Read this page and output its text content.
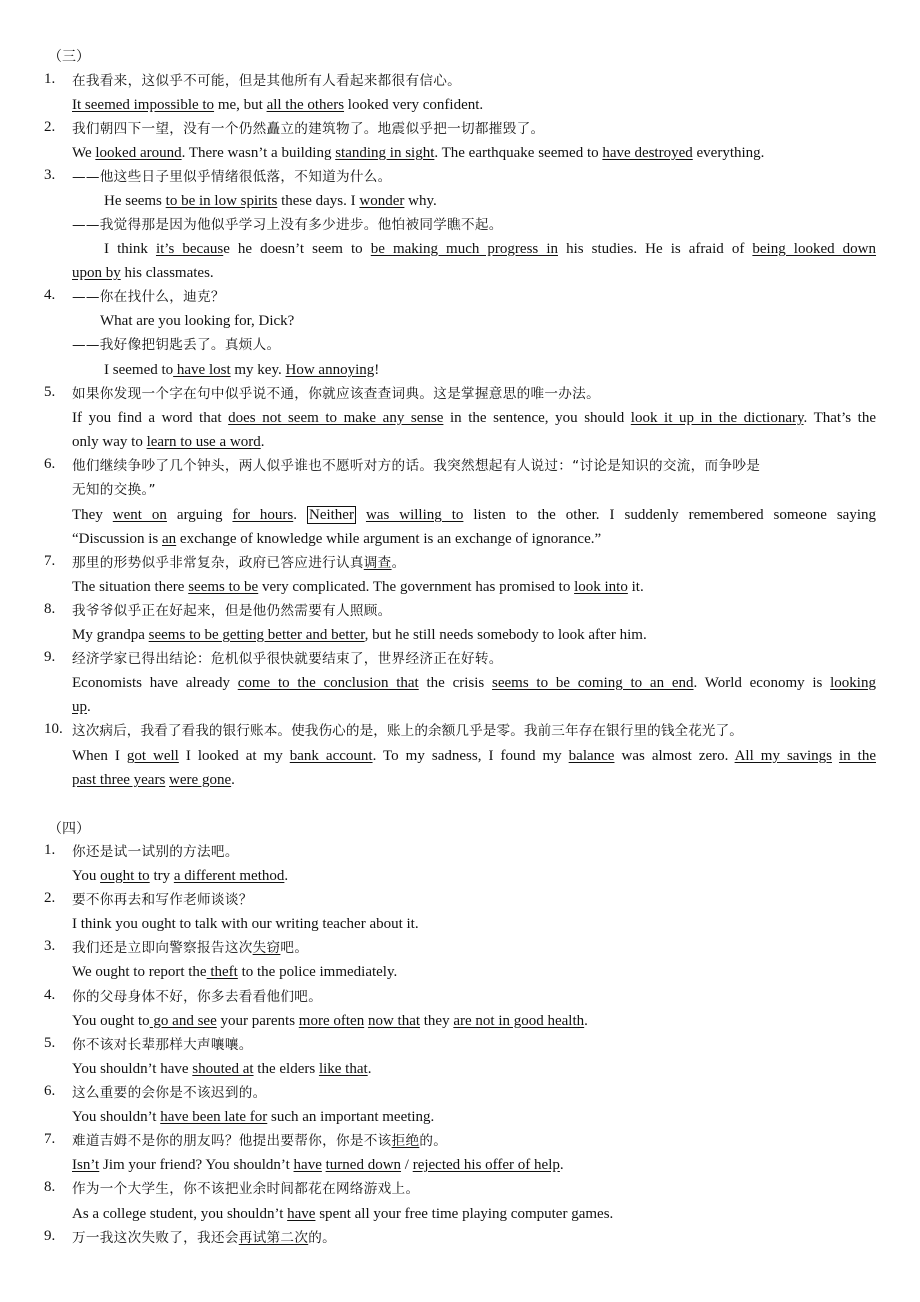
（三）
1.	在我看来，这似乎不可能，但是其他所有人看起来都很有信心。
It seemed impossible to me, but all the others looked very confident.
2.	我们朝四下一望，没有一个仍然矗立的建筑物了。地震似乎把一切都摧毁了。
We looked around. There wasn’t a building standing in sight. The earthquake seemed to have destroyed everything.
3.	——他这些日子里似乎情绪很低落，不知道为什么。
He seems to be in low spirits these days. I wonder why.
——我觉得那是因为他似乎学习上没有多少进步。他怕被同学瞧不起。
I think it’s because he doesn’t seem to be making much progress in his studies. He is afraid of being looked down
upon by his classmates.
4.	——你在找什么，迪克？
What are you looking for, Dick?
——我好像把钥匙丢了。真烦人。
I seemed to have lost my key. How annoying!
5.	如果你发现一个字在句中似乎说不通，你就应该查查词典。这是掌握意思的唯一办法。
If you find a word that does not seem to make any sense in the sentence, you should look it up in the dictionary. That’s the
only way to learn to use a word.
6.	他们继续争吵了几个钟头，两人似乎谁也不愿听对方的话。我突然想起有人说过：“讨论是知识的交流，而争吵是
无知的交换。”
They went on arguing for hours. Neither was willing to listen to the other. I suddenly remembered someone saying
“Discussion is an exchange of knowledge while argument is an exchange of ignorance.”
7.	那里的形势似乎非常复杂，政府已答应进行认真调查。
The situation there seems to be very complicated. The government has promised to look into it.
8.	我爷爷似乎正在好起来，但是他仍然需要有人照顾。
My grandpa seems to be getting better and better, but he still needs somebody to look after him.
9.	经济学家已得出结论：危机似乎很快就要结束了，世界经济正在好转。
Economists have already come to the conclusion that the crisis seems to be coming to an end. World economy is looking
up.
10. 这次病后，我看了看我的银行账本。使我伤心的是，账上的余额几乎是零。我前三年存在银行里的钱全花光了。
When I got well I looked at my bank account. To my sadness, I found my balance was almost zero. All my savings in the
past three years were gone.
（四）
1.	你还是试一试别的方法吧。
You ought to try a different method.
2.	要不你再去和写作老师谈谈？
I think you ought to talk with our writing teacher about it.
3.	我们还是立即向警察报告这次失窃吧。
We ought to report the theft to the police immediately.
4.	你的父母身体不好，你多去看看他们吧。
You ought to go and see your parents more often now that they are not in good health.
5.	你不该对长辈那样大声嚷嚷。
You shouldn’t have shouted at the elders like that.
6.	这么重要的会你是不该迟到的。
You shouldn’t have been late for such an important meeting.
7.	难道吉姆不是你的朋友吗？他提出要帮你，你是不该拒绝的。
Isn’t Jim your friend? You shouldn’t have turned down / rejected his offer of help.
8.	作为一个大学生，你不该把业余时间都花在网络游戏上。
As a college student, you shouldn’t have spent all your free time playing computer games.
9.	万一我这次失败了，我还会再试第二次的。
